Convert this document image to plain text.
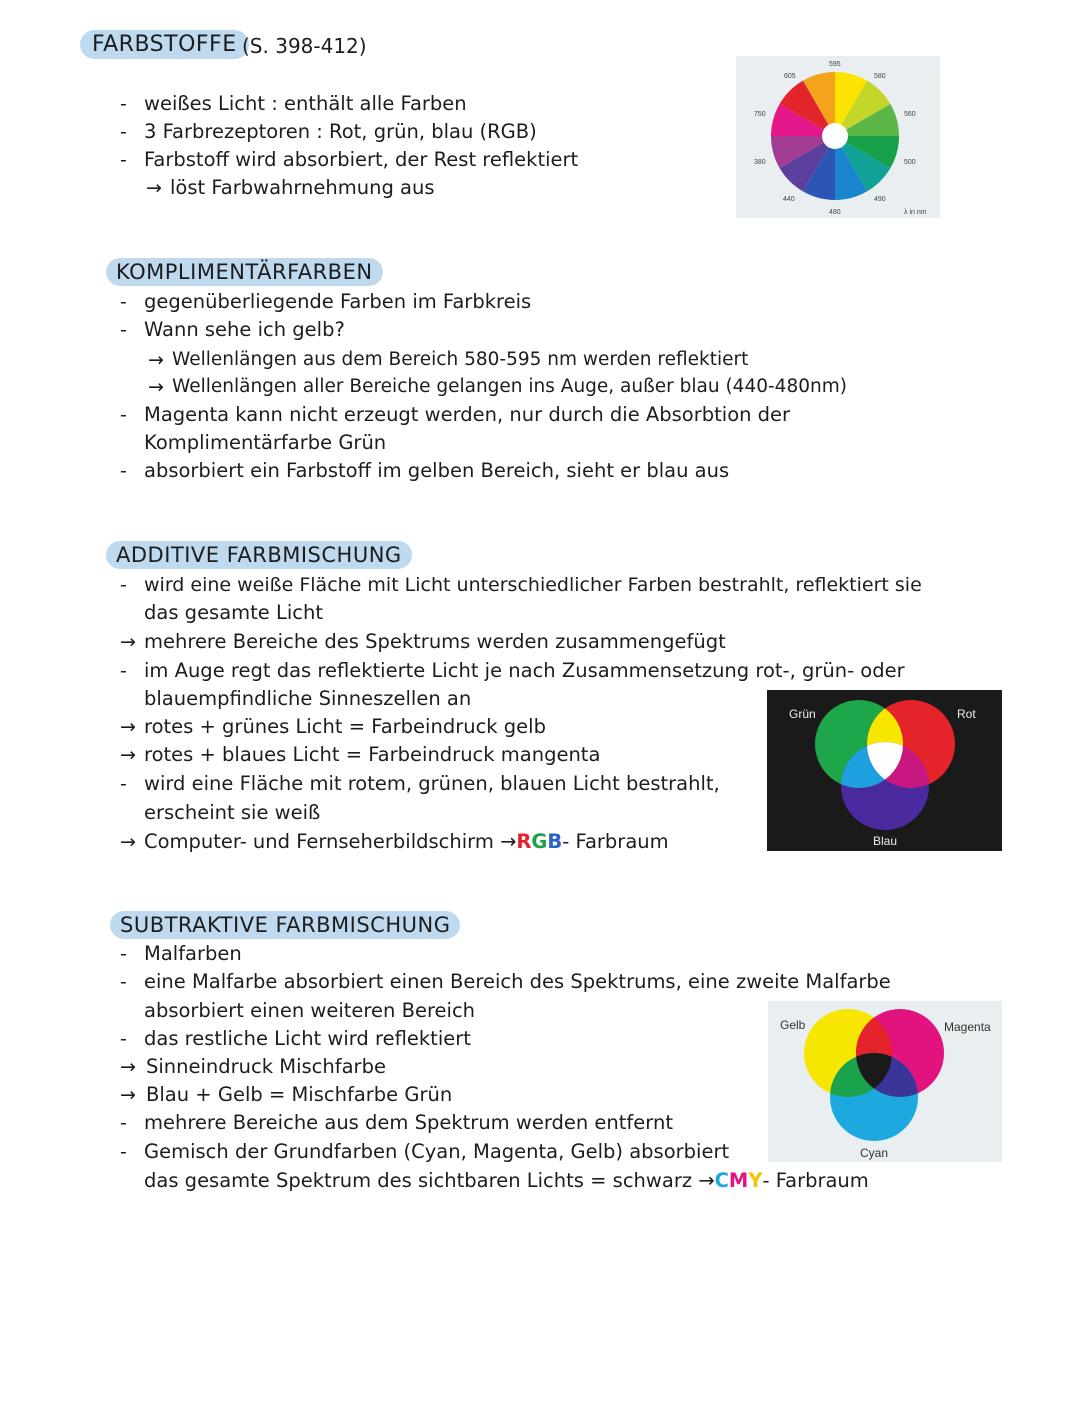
FARBSTOFFE (S. 398-412)
- weißes Licht : enthält alle Farben
- 3 Farbrezeptoren : Rot, grün, blau (RGB)
- Farbstoff wird absorbiert, der Rest reflektiert
→ löst Farbwahrnehmung aus
595
580
560
500
490
480
440
380
750
605
λ in nm
KOMPLIMENTÄRFARBEN
- gegenüberliegende Farben im Farbkreis
- Wann sehe ich gelb?
→ Wellenlängen aus dem Bereich 580-595 nm werden reflektiert
→ Wellenlängen aller Bereiche gelangen ins Auge, außer blau (440-480nm)
- Magenta kann nicht erzeugt werden, nur durch die Absorbtion der
Komplimentärfarbe Grün
- absorbiert ein Farbstoff im gelben Bereich, sieht er blau aus
ADDITIVE FARBMISCHUNG
- wird eine weiße Fläche mit Licht unterschiedlicher Farben bestrahlt, reflektiert sie
das gesamte Licht
→ mehrere Bereiche des Spektrums werden zusammengefügt
- im Auge regt das reflektierte Licht je nach Zusammensetzung rot-, grün- oder
blauempfindliche Sinneszellen an
→ rotes + grünes Licht = Farbeindruck gelb
→ rotes + blaues Licht = Farbeindruck mangenta
- wird eine Fläche mit rotem, grünen, blauen Licht bestrahlt,
erscheint sie weiß
→ Computer- und Fernseherbildschirm →RGB- Farbraum
Grün	Rot
Blau
SUBTRAKTIVE FARBMISCHUNG
- Malfarben
- eine Malfarbe absorbiert einen Bereich des Spektrums, eine zweite Malfarbe
absorbiert einen weiteren Bereich
- das restliche Licht wird reflektiert
→ Sinneindruck Mischfarbe
→ Blau + Gelb = Mischfarbe Grün
- mehrere Bereiche aus dem Spektrum werden entfernt
- Gemisch der Grundfarben (Cyan, Magenta, Gelb) absorbiert
das gesamte Spektrum des sichtbaren Lichts = schwarz →CMY- Farbraum
Gelb	Magenta
Cyan
